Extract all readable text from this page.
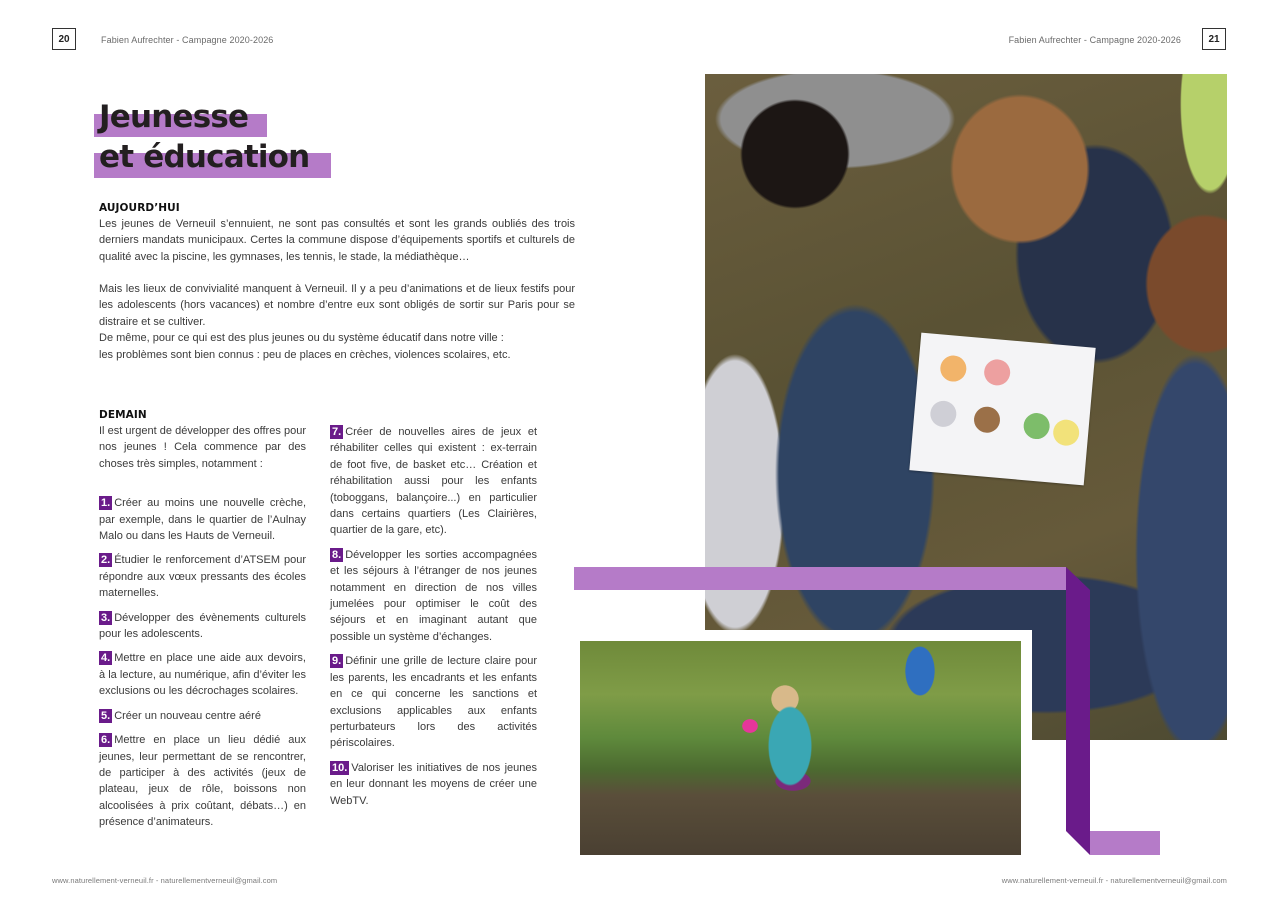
20	Fabien Aufrechter - Campagne 2020-2026	Fabien Aufrechter - Campagne 2020-2026	21
Jeunesse
et éducation
AUJOURD’HUI

Les jeunes de Verneuil s’ennuient, ne sont pas consultés et sont les grands oubliés des trois derniers mandats municipaux. Certes la commune dispose d’équipements sportifs et culturels de qualité avec la piscine, les gymnases, les tennis, le stade, la médiathèque…

Mais les lieux de convivialité manquent à Verneuil. Il y a peu d’animations et de lieux festifs pour les adolescents (hors vacances) et nombre d’entre eux sont obligés de sortir sur Paris pour se distraire et se cultiver.

De même, pour ce qui est des plus jeunes ou du système éducatif dans notre ville :

les problèmes sont bien connus : peu de places en crèches, violences scolaires, etc.

DEMAIN

Il est urgent de développer des offres pour nos jeunes ! Cela commence par des choses très simples, notamment :

1. Créer au moins une nouvelle crèche, par exemple, dans le quartier de l’Aulnay Malo ou dans les Hauts de Verneuil.

2. Étudier le renforcement d’ATSEM pour répondre aux vœux pressants des écoles maternelles.

3. Développer des évènements culturels pour les adolescents.

4. Mettre en place une aide aux devoirs, à la lecture, au numérique, afin d’éviter les exclusions ou les décrochages scolaires.

5. Créer un nouveau centre aéré

6. Mettre en place un lieu dédié aux jeunes, leur permettant de se rencontrer, de participer à des activités (jeux de plateau, jeux de rôle, boissons non alcoolisées à prix coûtant, débats…) en présence d’animateurs.

7. Créer de nouvelles aires de jeux et réhabiliter celles qui existent : ex-terrain de foot five, de basket etc… Création et réhabilitation aussi pour les enfants (toboggans, balançoire...) en particulier dans certains quartiers (Les Clairières, quartier de la gare, etc).

8. Développer les sorties accompagnées et les séjours à l’étranger de nos jeunes notamment en direction de nos villes jumelées pour optimiser le coût des séjours et en imaginant autant que possible un système d’échanges.

9. Définir une grille de lecture claire pour les parents, les encadrants et les enfants en ce qui concerne les sanctions et exclusions applicables aux enfants perturbateurs lors des activités périscolaires.

10. Valoriser les initiatives de nos jeunes en leur donnant les moyens de créer une WebTV.

www.naturellement-verneuil.fr - naturellementverneuil@gmail.com	www.naturellement-verneuil.fr - naturellementverneuil@gmail.com
